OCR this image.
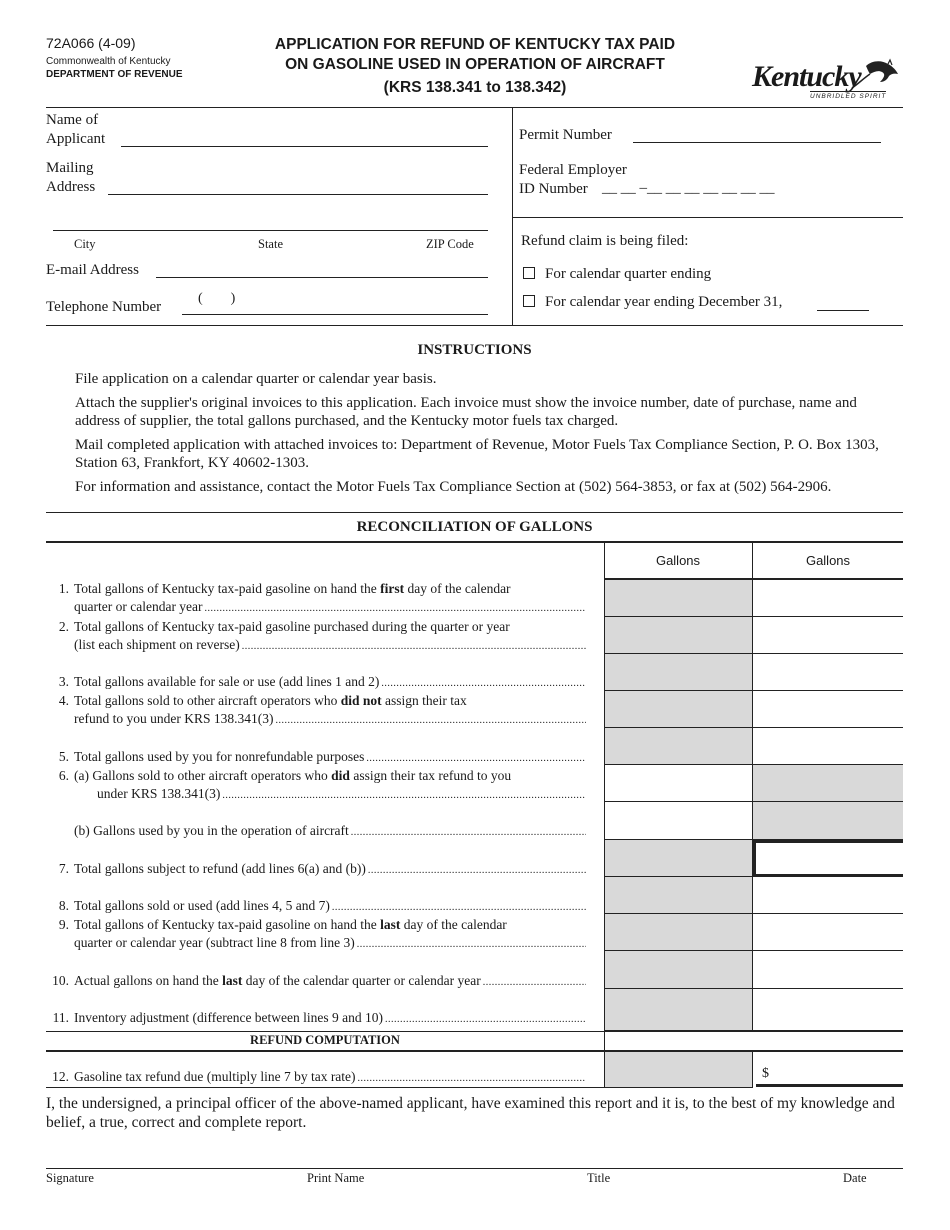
72A066 (4-09)
Commonwealth of Kentucky
DEPARTMENT OF REVENUE
APPLICATION FOR REFUND OF KENTUCKY TAX PAID
ON GASOLINE USED IN OPERATION OF AIRCRAFT
(KRS 138.341 to 138.342)	Kentucky
UNBRIDLED SPIRIT
Name of
Applicant
Mailing
Address
City	State	ZIP Code
E-mail Address
Telephone Number
(        )
Permit Number
Federal Employer
ID Number __ __ –__ __ __ __ __ __ __
Refund claim is being filed:
For calendar quarter ending
For calendar year ending December 31,
INSTRUCTIONS

File application on a calendar quarter or calendar year basis.

Attach the supplier's original invoices to this application. Each invoice must show the invoice number, date of purchase, name and address of supplier, the total gallons purchased, and the Kentucky motor fuels tax charged.

Mail completed application with attached invoices to: Department of Revenue, Motor Fuels Tax Compliance Section, P. O. Box 1303, Station 63, Frankfort, KY 40602-1303.

For information and assistance, contact the Motor Fuels Tax Compliance Section at (502) 564-3853, or fax at (502) 564-2906.

RECONCILIATION OF GALLONS
Gallons	Gallons
1. Total gallons of Kentucky tax-paid gasoline on hand the first day of the calendar
quarter or calendar year
.....
2. Total gallons of Kentucky tax-paid gasoline purchased during the quarter or year
(list each shipment on reverse)
.....
3. Total gallons available for sale or use (add lines 1 and 2)
.....
4. Total gallons sold to other aircraft operators who did not assign their tax
refund to you under KRS 138.341(3)
.....
5. Total gallons used by you for nonrefundable purposes
.....
6. (a) Gallons sold to other aircraft operators who did assign their tax refund to you
under KRS 138.341(3)
.....
(b) Gallons used by you in the operation of aircraft
.....
7. Total gallons subject to refund (add lines 6(a) and (b))
.....
8. Total gallons sold or used (add lines 4, 5 and 7)
.....
9. Total gallons of Kentucky tax-paid gasoline on hand the last day of the calendar
quarter or calendar year (subtract line 8 from line 3)
.....
10. Actual gallons on hand the last day of the calendar quarter or calendar year
.....
11. Inventory adjustment (difference between lines 9 and 10)
.....
REFUND COMPUTATION
$
12. Gasoline tax refund due (multiply line 7 by tax rate)
.....
I, the undersigned, a principal officer of the above-named applicant, have examined this report and it is, to the best of my knowledge and belief, a true, correct and complete report.
Signature	Print Name	Title	Date
